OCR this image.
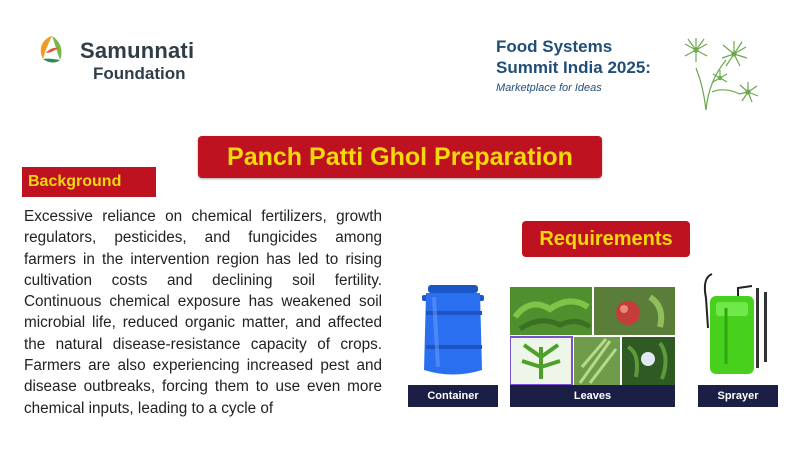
Samunnati
Foundation
Food Systems
Summit India 2025:
Marketplace for Ideas
Panch Patti Ghol Preparation
Background
Excessive reliance on chemical fertilizers, growth regulators, pesticides, and fungicides among farmers in the intervention region has led to rising cultivation costs and declining soil fertility. Continuous chemical exposure has weakened soil microbial life, reduced organic matter, and affected the natural disease-resistance capacity of crops. Farmers are also experiencing increased pest and disease outbreaks, forcing them to use even more chemical inputs, leading to a cycle of
Requirements
Container	Leaves	Sprayer
